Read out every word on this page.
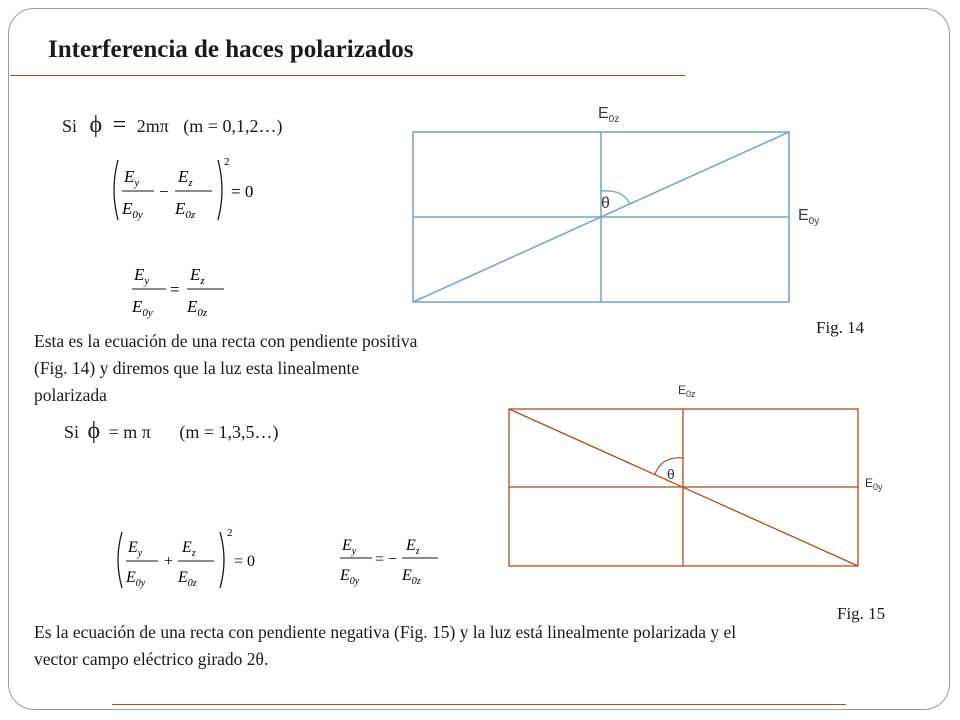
Interferencia de haces polarizados
Si ϕ = 2mπ (m = 0,1,2…)
$E_y$
$E_{0y}$
−
$E_z$
$E_{0z}$
2
= 0
$E_y$
$E_{0y}$
=
$E_z$
$E_{0z}$
Esta es la ecuación de una recta con pendiente positiva (Fig. 14) y diremos que la luz esta linealmente polarizada
Si ϕ = m π (m = 1,3,5…)
$E_y$
$E_{0y}$
+
$E_z$
$E_{0z}$
2
= 0
$E_y$
$E_{0y}$
= −
$E_z$
$E_{0z}$
Es la ecuación de una recta con pendiente negativa (Fig. 15) y la luz está linealmente polarizada y el vector campo eléctrico girado 2θ.
θ
$E_{0z}$
$E_{0y}$
Fig. 14
θ
$E_{0z}$
$E_{0y}$
Fig. 15
